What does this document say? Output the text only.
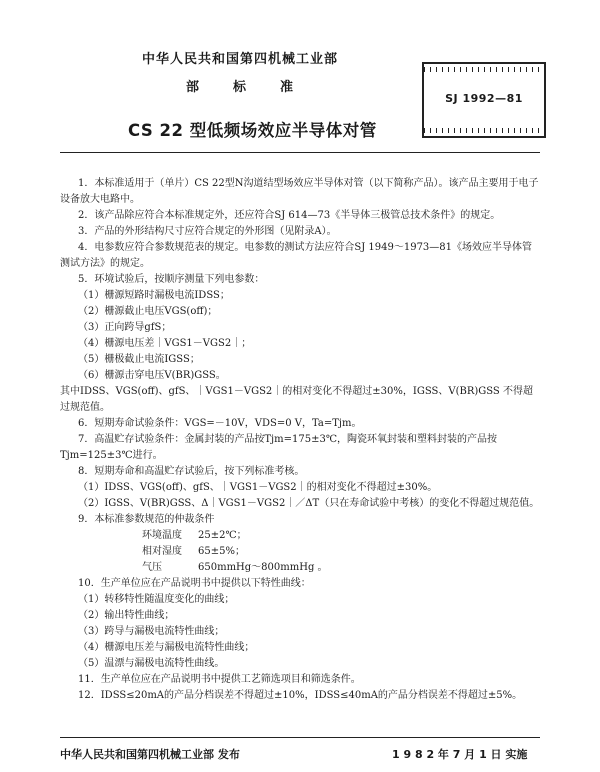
中华人民共和国第四机械工业部
部	标	准
SJ 1992—81
CS 22 型低频场效应半导体对管

1．本标准适用于（单片）CS 22型N沟道结型场效应半导体对管（以下简称产品）。该产品主要用于电子设备放大电路中。

2．该产品除应符合本标准规定外，还应符合SJ 614—73《半导体三极管总技术条件》的规定。

3．产品的外形结构尺寸应符合规定的外形图（见附录A）。

4．电参数应符合参数规范表的规定。电参数的测试方法应符合SJ 1949～1973—81《场效应半导体管测试方法》的规定。

5．环境试验后，按顺序测量下列电参数：

（1）栅源短路时漏极电流IDSS；

（2）栅源截止电压VGS(off)；

（3）正向跨导gfS；

（4）栅源电压差｜VGS1－VGS2｜；

（5）栅极截止电流IGSS；

（6）栅源击穿电压V(BR)GSS。

其中IDSS、VGS(off)、gfS、｜VGS1－VGS2｜的相对变化不得超过±30%，IGSS、V(BR)GSS 不得超过规范值。

6．短期寿命试验条件：VGS=－10V，VDS=0 V，Ta=Tjm。

7．高温贮存试验条件：金属封装的产品按Tjm=175±3℃，陶瓷环氧封装和塑料封装的产品按Tjm=125±3℃进行。

8．短期寿命和高温贮存试验后，按下列标准考核。

（1）IDSS、VGS(off)、gfS、｜VGS1－VGS2｜的相对变化不得超过±30%。

（2）IGSS、V(BR)GSS、Δ｜VGS1－VGS2｜／ΔT（只在寿命试验中考核）的变化不得超过规范值。

9．本标准参数规范的仲裁条件

环境温度	25±2℃；
相对湿度	65±5%；
气压	650mmHg～800mmHg 。

10．生产单位应在产品说明书中提供以下特性曲线：

（1）转移特性随温度变化的曲线；

（2）输出特性曲线；

（3）跨导与漏极电流特性曲线；

（4）栅源电压差与漏极电流特性曲线；

（5）温漂与漏极电流特性曲线。

11．生产单位应在产品说明书中提供工艺筛选项目和筛选条件。

12．IDSS≤20mA的产品分档误差不得超过±10%，IDSS≤40mA的产品分档误差不得超过±5%。

中华人民共和国第四机械工业部 发布	1 9 8 2 年 7 月 1 日 实施
